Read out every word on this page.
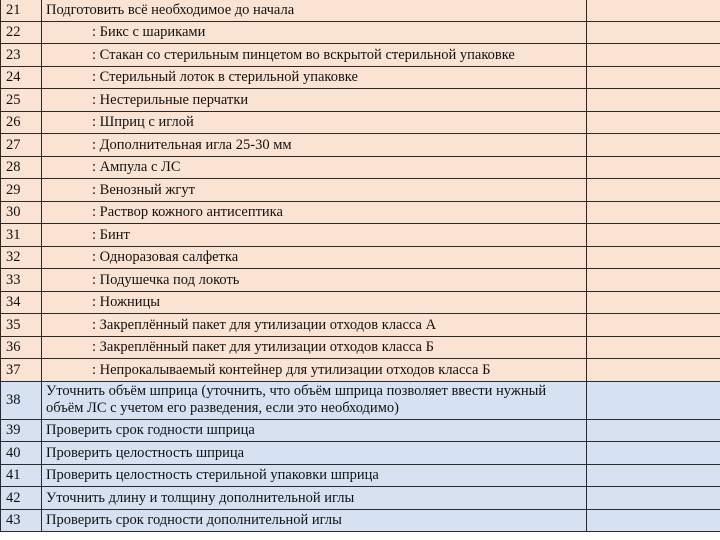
21	Подготовить всё необходимое до начала	
22	: Бикс с шариками	
23	: Стакан со стерильным пинцетом во вскрытой стерильной упаковке	
24	: Стерильный лоток в стерильной упаковке	
25	: Нестерильные перчатки	
26	: Шприц с иглой	
27	: Дополнительная игла 25-30 мм	
28	: Ампула с ЛС	
29	: Венозный жгут	
30	: Раствор кожного антисептика	
31	: Бинт	
32	: Одноразовая салфетка	
33	: Подушечка под локоть	
34	: Ножницы	
35	: Закреплённый пакет для утилизации отходов класса А	
36	: Закреплённый пакет для утилизации отходов класса Б	
37	: Непрокалываемый контейнер для утилизации отходов класса Б	
38	Уточнить объём шприца (уточнить, что объём шприца позволяет ввести нужный объём ЛС с учетом его разведения, если это необходимо)	
39	Проверить срок годности шприца	
40	Проверить целостность шприца	
41	Проверить целостность стерильной упаковки шприца	
42	Уточнить длину и толщину дополнительной иглы	
43	Проверить срок годности дополнительной иглы	
